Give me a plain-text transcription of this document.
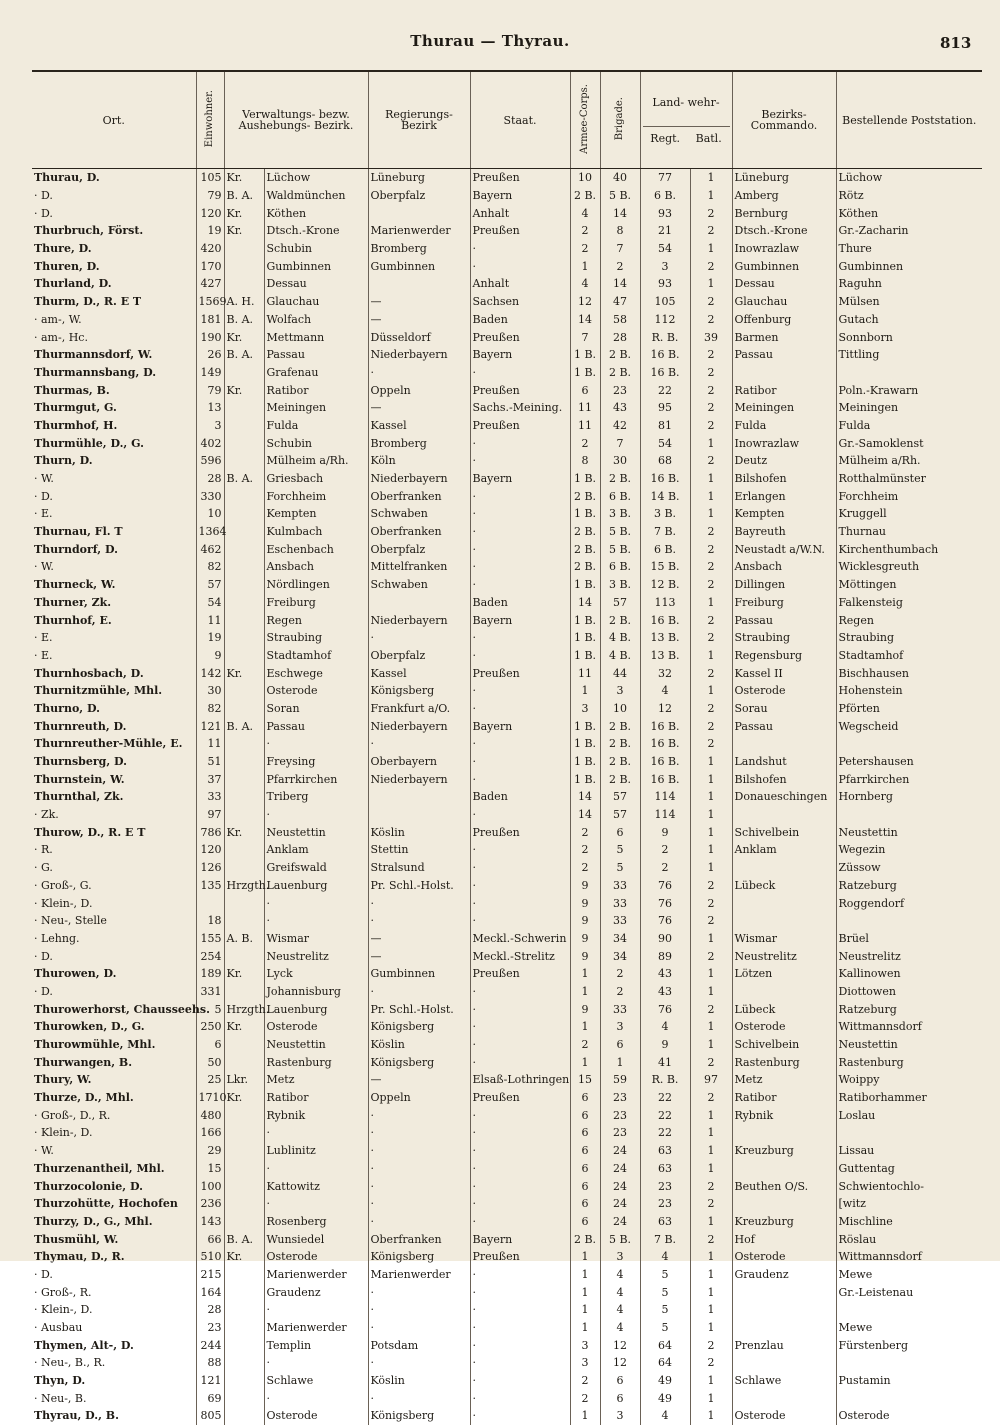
Thurau — Thyrau.	813
Ort.	Einwohner.	Verwaltungs- bezw. Aushebungs- Bezirk.		Regierungs- Bezirk	Staat.	Armee-Corps.	Brigade.	Land- wehr-
Regt. Batl.		Bezirks- Commando.	Bestellende Poststation.
Thurau, D.	105	Kr.	Lüchow	Lüneburg	Preußen	10	40	77	1	Lüneburg	Lüchow
· D.	79	B. A.	Waldmünchen	Oberpfalz	Bayern	2 B.	5 B.	6 B.	1	Amberg	Rötz
· D.	120	Kr.	Köthen		Anhalt	4	14	93	2	Bernburg	Köthen
Thurbruch, Först.	19	Kr.	Dtsch.-Krone	Marienwerder	Preußen	2	8	21	2	Dtsch.-Krone	Gr.-Zacharin
Thure, D.	420		Schubin	Bromberg	·	2	7	54	1	Inowrazlaw	Thure
Thuren, D.	170		Gumbinnen	Gumbinnen	·	1	2	3	2	Gumbinnen	Gumbinnen
Thurland, D.	427		Dessau		Anhalt	4	14	93	1	Dessau	Raguhn
Thurm, D., R. E T	1569	A. H.	Glauchau	—	Sachsen	12	47	105	2	Glauchau	Mülsen
· am-, W.	181	B. A.	Wolfach	—	Baden	14	58	112	2	Offenburg	Gutach
· am-, Hc.	190	Kr.	Mettmann	Düsseldorf	Preußen	7	28	R. B.	39	Barmen	Sonnborn
Thurmannsdorf, W.	26	B. A.	Passau	Niederbayern	Bayern	1 B.	2 B.	16 B.	2	Passau	Tittling
Thurmannsbang, D.	149		Grafenau	·	·	1 B.	2 B.	16 B.	2		
Thurmas, B.	79	Kr.	Ratibor	Oppeln	Preußen	6	23	22	2	Ratibor	Poln.-Krawarn
Thurmgut, G.	13		Meiningen	—	Sachs.-Meining.	11	43	95	2	Meiningen	Meiningen
Thurmhof, H.	3		Fulda	Kassel	Preußen	11	42	81	2	Fulda	Fulda
Thurmühle, D., G.	402		Schubin	Bromberg	·	2	7	54	1	Inowrazlaw	Gr.-Samoklenst
Thurn, D.	596		Mülheim a/Rh.	Köln	·	8	30	68	2	Deutz	Mülheim a/Rh.
· W.	28	B. A.	Griesbach	Niederbayern	Bayern	1 B.	2 B.	16 B.	1	Bilshofen	Rotthalmünster
· D.	330		Forchheim	Oberfranken	·	2 B.	6 B.	14 B.	1	Erlangen	Forchheim
· E.	10		Kempten	Schwaben	·	1 B.	3 B.	3 B.	1	Kempten	Kruggell
Thurnau, Fl. T	1364		Kulmbach	Oberfranken	·	2 B.	5 B.	7 B.	2	Bayreuth	Thurnau
Thurndorf, D.	462		Eschenbach	Oberpfalz	·	2 B.	5 B.	6 B.	2	Neustadt a/W.N.	Kirchenthumbach
· W.	82		Ansbach	Mittelfranken	·	2 B.	6 B.	15 B.	2	Ansbach	Wicklesgreuth
Thurneck, W.	57		Nördlingen	Schwaben	·	1 B.	3 B.	12 B.	2	Dillingen	Möttingen
Thurner, Zk.	54		Freiburg		Baden	14	57	113	1	Freiburg	Falkensteig
Thurnhof, E.	11		Regen	Niederbayern	Bayern	1 B.	2 B.	16 B.	2	Passau	Regen
· E.	19		Straubing	·	·	1 B.	4 B.	13 B.	2	Straubing	Straubing
· E.	9		Stadtamhof	Oberpfalz	·	1 B.	4 B.	13 B.	1	Regensburg	Stadtamhof
Thurnhosbach, D.	142	Kr.	Eschwege	Kassel	Preußen	11	44	32	2	Kassel II	Bischhausen
Thurnitzmühle, Mhl.	30		Osterode	Königsberg	·	1	3	4	1	Osterode	Hohenstein
Thurno, D.	82		Soran	Frankfurt a/O.	·	3	10	12	2	Sorau	Pförten
Thurnreuth, D.	121	B. A.	Passau	Niederbayern	Bayern	1 B.	2 B.	16 B.	2	Passau	Wegscheid
Thurnreuther-Mühle, E.	11		·	·	·	1 B.	2 B.	16 B.	2		
Thurnsberg, D.	51		Freysing	Oberbayern	·	1 B.	2 B.	16 B.	1	Landshut	Petershausen
Thurnstein, W.	37		Pfarrkirchen	Niederbayern	·	1 B.	2 B.	16 B.	1	Bilshofen	Pfarrkirchen
Thurnthal, Zk.	33		Triberg		Baden	14	57	114	1	Donaueschingen	Hornberg
· Zk.	97		·		·	14	57	114	1		
Thurow, D., R. E T	786	Kr.	Neustettin	Köslin	Preußen	2	6	9	1	Schivelbein	Neustettin
· R.	120		Anklam	Stettin	·	2	5	2	1	Anklam	Wegezin
· G.	126		Greifswald	Stralsund	·	2	5	2	1		Züssow
· Groß-, G.	135	Hrzgth.	Lauenburg	Pr. Schl.-Holst.	·	9	33	76	2	Lübeck	Ratzeburg
· Klein-, D.			·	·	·	9	33	76	2		Roggendorf
· Neu-, Stelle	18		·	·	·	9	33	76	2		
· Lehng.	155	A. B.	Wismar	—	Meckl.-Schwerin	9	34	90	1	Wismar	Brüel
· D.	254		Neustrelitz	—	Meckl.-Strelitz	9	34	89	2	Neustrelitz	Neustrelitz
Thurowen, D.	189	Kr.	Lyck	Gumbinnen	Preußen	1	2	43	1	Lötzen	Kallinowen
· D.	331		Johannisburg	·	·	1	2	43	1		Diottowen
Thurowerhorst, Chausseehs.	5	Hrzgth.	Lauenburg	Pr. Schl.-Holst.	·	9	33	76	2	Lübeck	Ratzeburg
Thurowken, D., G.	250	Kr.	Osterode	Königsberg	·	1	3	4	1	Osterode	Wittmannsdorf
Thurowmühle, Mhl.	6		Neustettin	Köslin	·	2	6	9	1	Schivelbein	Neustettin
Thurwangen, B.	50		Rastenburg	Königsberg	·	1	1	41	2	Rastenburg	Rastenburg
Thury, W.	25	Lkr.	Metz	—	Elsaß-Lothringen	15	59	R. B.	97	Metz	Woippy
Thurze, D., Mhl.	1710	Kr.	Ratibor	Oppeln	Preußen	6	23	22	2	Ratibor	Ratiborhammer
· Groß-, D., R.	480		Rybnik	·	·	6	23	22	1	Rybnik	Loslau
· Klein-, D.	166		·	·	·	6	23	22	1		
· W.	29		Lublinitz	·	·	6	24	63	1	Kreuzburg	Lissau
Thurzenantheil, Mhl.	15		·	·	·	6	24	63	1		Guttentag
Thurzocolonie, D.	100		Kattowitz	·	·	6	24	23	2	Beuthen O/S.	Schwientochlo-
Thurzohütte, Hochofen	236		·	·	·	6	24	23	2		[witz
Thurzy, D., G., Mhl.	143		Rosenberg	·	·	6	24	63	1	Kreuzburg	Mischline
Thusmühl, W.	66	B. A.	Wunsiedel	Oberfranken	Bayern	2 B.	5 B.	7 B.	2	Hof	Röslau
Thymau, D., R.	510	Kr.	Osterode	Königsberg	Preußen	1	3	4	1	Osterode	Wittmannsdorf
· D.	215		Marienwerder	Marienwerder	·	1	4	5	1	Graudenz	Mewe
· Groß-, R.	164		Graudenz	·	·	1	4	5	1		Gr.-Leistenau
· Klein-, D.	28		·	·	·	1	4	5	1		
· Ausbau	23		Marienwerder	·	·	1	4	5	1		Mewe
Thymen, Alt-, D.	244		Templin	Potsdam	·	3	12	64	2	Prenzlau	Fürstenberg
· Neu-, B., R.	88		·	·	·	3	12	64	2		
Thyn, D.	121		Schlawe	Köslin	·	2	6	49	1	Schlawe	Pustamin
· Neu-, B.	69		·	·	·	2	6	49	1		
Thyrau, D., B.	805		Osterode	Königsberg	·	1	3	4	1	Osterode	Osterode
